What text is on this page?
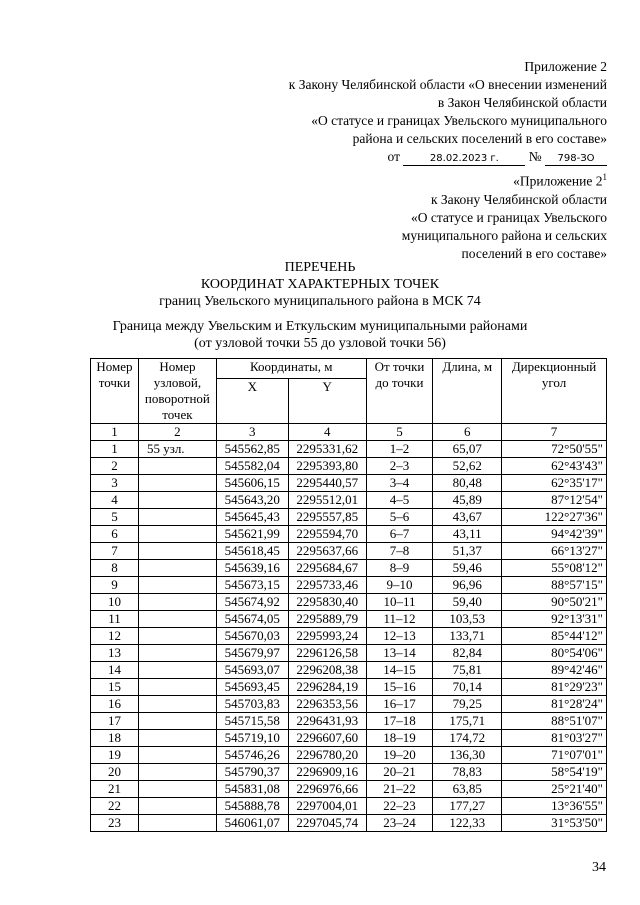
Приложение 2
к Закону Челябинской области «О внесении изменений
в Закон Челябинской области
«О статусе и границах Увельского муниципального
района и сельских поселений в его составе»
от	28.02.2023 г. № 798-ЗО
«Приложение $2^1$
к Закону Челябинской области
«О статусе и границах Увельского
муниципального района и сельских
поселений в его составе»
ПЕРЕЧЕНЬ
КООРДИНАТ ХАРАКТЕРНЫХ ТОЧЕК
границ Увельского муниципального района в МСК 74
Граница между Увельским и Еткульским муниципальными районами
(от узловой точки 55 до узловой точки 56)
Номер точки	Номер узловой, поворотной точек	Координаты, м		От точки до точки	Длина, м	Дирекционный угол
		X	Y			
1	2	3	4	5	6	7
1	55 узл.	545562,85	2295331,62	1–2	65,07	72°50'55"
2		545582,04	2295393,80	2–3	52,62	62°43'43"
3		545606,15	2295440,57	3–4	80,48	62°35'17"
4		545643,20	2295512,01	4–5	45,89	87°12'54"
5		545645,43	2295557,85	5–6	43,67	122°27'36"
6		545621,99	2295594,70	6–7	43,11	94°42'39"
7		545618,45	2295637,66	7–8	51,37	66°13'27"
8		545639,16	2295684,67	8–9	59,46	55°08'12"
9		545673,15	2295733,46	9–10	96,96	88°57'15"
10		545674,92	2295830,40	10–11	59,40	90°50'21"
11		545674,05	2295889,79	11–12	103,53	92°13'31"
12		545670,03	2295993,24	12–13	133,71	85°44'12"
13		545679,97	2296126,58	13–14	82,84	80°54'06"
14		545693,07	2296208,38	14–15	75,81	89°42'46"
15		545693,45	2296284,19	15–16	70,14	81°29'23"
16		545703,83	2296353,56	16–17	79,25	81°28'24"
17		545715,58	2296431,93	17–18	175,71	88°51'07"
18		545719,10	2296607,60	18–19	174,72	81°03'27"
19		545746,26	2296780,20	19–20	136,30	71°07'01"
20		545790,37	2296909,16	20–21	78,83	58°54'19"
21		545831,08	2296976,66	21–22	63,85	25°21'40"
22		545888,78	2297004,01	22–23	177,27	13°36'55"
23		546061,07	2297045,74	23–24	122,33	31°53'50"
34
